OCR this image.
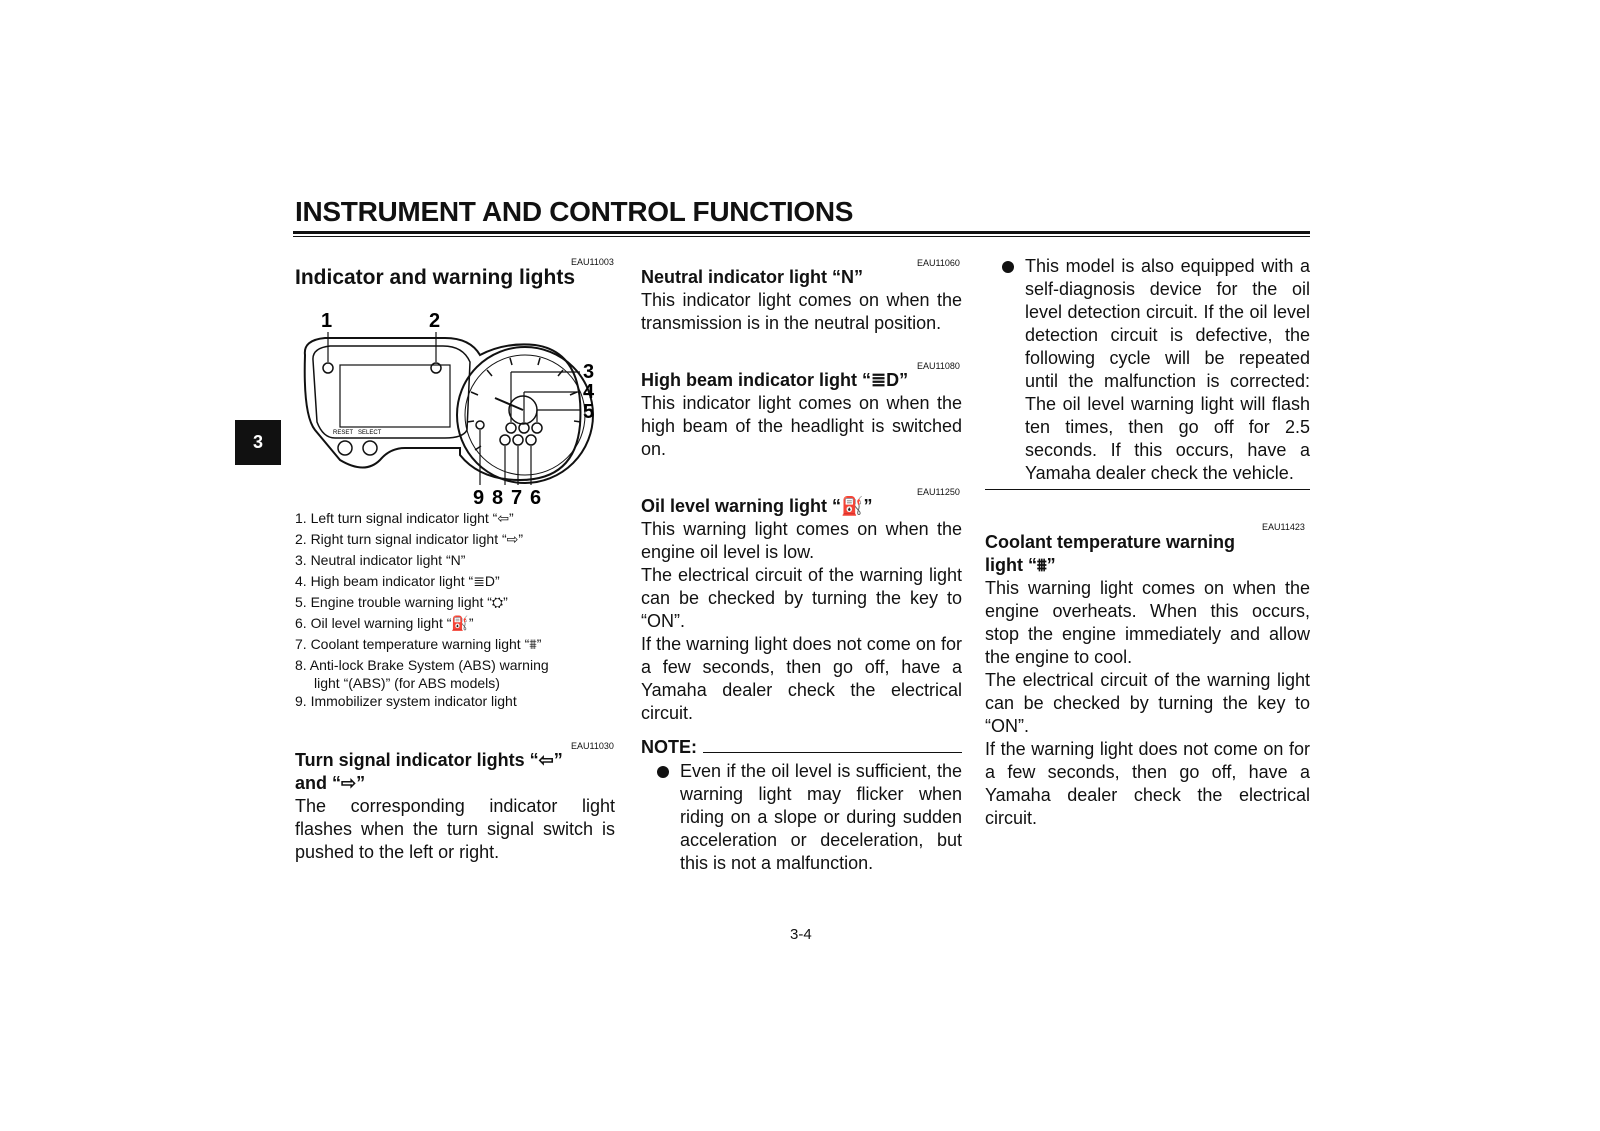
INSTRUMENT AND CONTROL FUNCTIONS
3
EAU11003
Indicator and warning lights
RESET SELECT
1	2
3
4
5
9 8 7 6
1. Left turn signal indicator light “⇦”
2. Right turn signal indicator light “⇨”
3. Neutral indicator light “N”
4. High beam indicator light “≣D”
5. Engine trouble warning light “⛭”
6. Oil level warning light “⛽”
7. Coolant temperature warning light “⩩”
8. Anti-lock Brake System (ABS) warning
light “(ABS)” (for ABS models)
9. Immobilizer system indicator light
EAU11030
Turn signal indicator lights “⇦”
and “⇨”
The corresponding indicator light flashes when the turn signal switch is pushed to the left or right.
EAU11060
Neutral indicator light “N”
This indicator light comes on when the transmission is in the neutral position.
EAU11080
High beam indicator light “≣D”
This indicator light comes on when the high beam of the headlight is switched on.
EAU11250
Oil level warning light “⛽”

This warning light comes on when the engine oil level is low.

The electrical circuit of the warning light can be checked by turning the key to “ON”.

If the warning light does not come on for a few seconds, then go off, have a Yamaha dealer check the electrical circuit.

NOTE:
Even if the oil level is sufficient, the warning light may flicker when riding on a slope or during sudden acceleration or deceleration, but this is not a malfunction.
This model is also equipped with a self-diagnosis device for the oil level detection circuit. If the oil level detection circuit is defective, the following cycle will be repeated until the malfunction is corrected: The oil level warning light will flash ten times, then go off for 2.5 seconds. If this occurs, have a Yamaha dealer check the vehicle.
EAU11423
Coolant temperature warning light “⩩”

This warning light comes on when the engine overheats. When this occurs, stop the engine immediately and allow the engine to cool.

The electrical circuit of the warning light can be checked by turning the key to “ON”.

If the warning light does not come on for a few seconds, then go off, have a Yamaha dealer check the electrical circuit.

3-4
